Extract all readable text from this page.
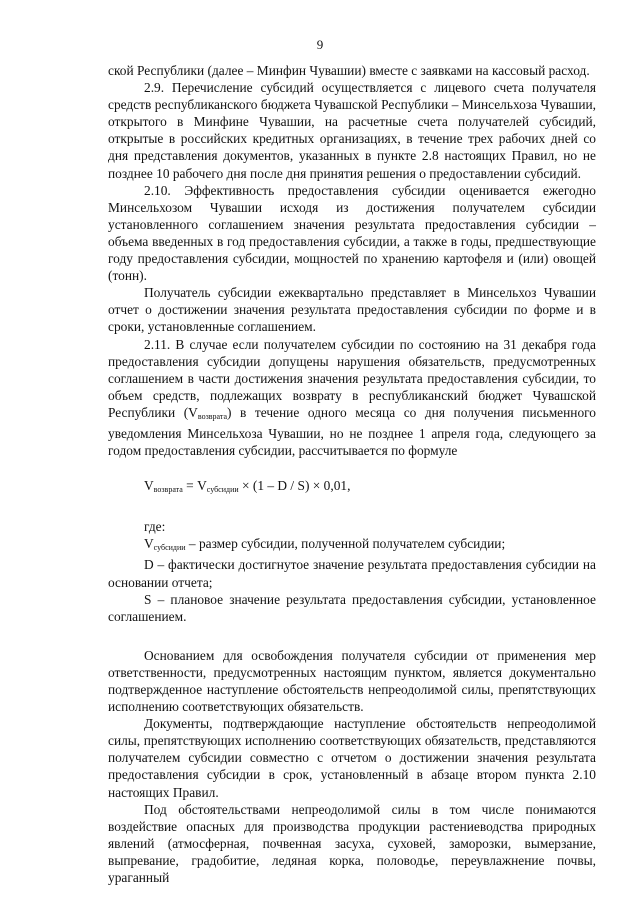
9

ской Республики (далее – Минфин Чувашии) вместе с заявками на кассовый расход.

2.9. Перечисление субсидий осуществляется с лицевого счета получателя средств республиканского бюджета Чувашской Республики – Минсельхоза Чувашии, открытого в Минфине Чувашии, на расчетные счета получателей субсидий, открытые в российских кредитных организациях, в течение трех рабочих дней со дня представления документов, указанных в пункте 2.8 настоящих Правил, но не позднее 10 рабочего дня после дня принятия решения о предоставлении субсидий.

2.10. Эффективность предоставления субсидии оценивается ежегодно Минсельхозом Чувашии исходя из достижения получателем субсидии установленного соглашением значения результата предоставления субсидии – объема введенных в год предоставления субсидии, а также в годы, предшествующие году предоставления субсидии, мощностей по хранению картофеля и (или) овощей (тонн).

Получатель субсидии ежеквартально представляет в Минсельхоз Чувашии отчет о достижении значения результата предоставления субсидии по форме и в сроки, установленные соглашением.

2.11. В случае если получателем субсидии по состоянию на 31 декабря года предоставления субсидии допущены нарушения обязательств, предусмотренных соглашением в части достижения значения результата предоставления субсидии, то объем средств, подлежащих возврату в республиканский бюджет Чувашской Республики $(V_{возврата})$ в течение одного месяца со дня получения письменного уведомления Минсельхоза Чувашии, но не позднее 1 апреля года, следующего за годом предоставления субсидии, рассчитывается по формуле

$V_{возврата} = V_{субсидии} \times (1 - D / S) \times 0,01$,

где:

$V_{субсидии}$ – размер субсидии, полученной получателем субсидии;

D – фактически достигнутое значение результата предоставления субсидии на основании отчета;

S – плановое значение результата предоставления субсидии, установленное соглашением.

Основанием для освобождения получателя субсидии от применения мер ответственности, предусмотренных настоящим пунктом, является документально подтвержденное наступление обстоятельств непреодолимой силы, препятствующих исполнению соответствующих обязательств.

Документы, подтверждающие наступление обстоятельств непреодолимой силы, препятствующих исполнению соответствующих обязательств, представляются получателем субсидии совместно с отчетом о достижении значения результата предоставления субсидии в срок, установленный в абзаце втором пункта 2.10 настоящих Правил.

Под обстоятельствами непреодолимой силы в том числе понимаются воздействие опасных для производства продукции растениеводства природных явлений (атмосферная, почвенная засуха, суховей, заморозки, вымерзание, выпревание, градобитие, ледяная корка, половодье, переувлажнение почвы, ураганный
